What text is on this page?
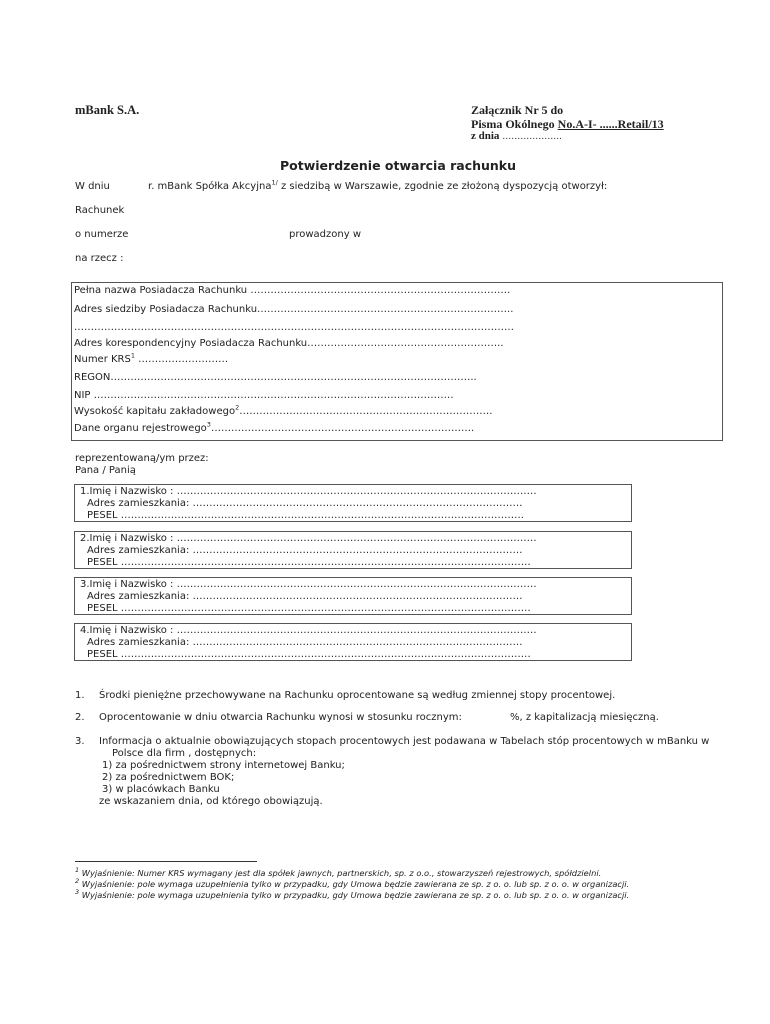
mBank S.A.	Załącznik Nr 5 do
Pisma Okólnego No.A-I- ......Retail/13
z dnia ………………..
Potwierdzenie otwarcia rachunku
W dniu	r. mBank Spółka Akcyjna$^{1/}$ z siedzibą w Warszawie, zgodnie ze złożoną dyspozycją otworzył:
Rachunek
o numerze	prowadzony w
na rzecz :
Pełna nazwa Posiadacza Rachunku ……………………………………………………………………
Adres siedziby Posiadacza Rachunku…………………………………………………………………..
……………………………………………………………………………………………………………………
Adres korespondencyjny Posiadacza Rachunku…………………………………………………..
Numer KRS$^1$ ………………………
REGON………………………………………………………………………………………………..
NIP ………………………………………………………………………………………………
Wysokość kapitału zakładowego$^2$………………………………………………………………….
Dane organu rejestrowego$^3$…………………………………………………………………….
reprezentowaną/ym przez:
Pana / Panią
1.Imię i Nazwisko : ………………………………………………………………………………………………
Adres zamieszkania: ………………………………………………………………………………………
PESEL ………………………………………………………………………………………………………….
2.Imię i Nazwisko : ………………………………………………………………………………………………
Adres zamieszkania: ………………………………………………………………………………………
PESEL ……………………………………………………………………………………………………………
3.Imię i Nazwisko : ………………………………………………………………………………………………
Adres zamieszkania: ………………………………………………………………………………………
PESEL ……………………………………………………………………………………………………………
4.Imię i Nazwisko : ………………………………………………………………………………………………
Adres zamieszkania: ………………………………………………………………………………………
PESEL ……………………………………………………………………………………………………………
1. Środki pieniężne przechowywane na Rachunku oprocentowane są według zmiennej stopy procentowej.
2. Oprocentowanie w dniu otwarcia Rachunku wynosi w stosunku rocznym:	%, z kapitalizacją miesięczną.
3. Informacja o aktualnie obowiązujących stopach procentowych jest podawana w Tabelach stóp procentowych w mBanku w
Polsce dla firm , dostępnych:
1) za pośrednictwem strony internetowej Banku;
2) za pośrednictwem BOK;
3) w placówkach Banku
ze wskazaniem dnia, od którego obowiązują.
$^1$ Wyjaśnienie: Numer KRS wymagany jest dla spółek jawnych, partnerskich, sp. z o.o., stowarzyszeń rejestrowych, spółdzielni.
$^2$ Wyjaśnienie: pole wymaga uzupełnienia tylko w przypadku, gdy Umowa będzie zawierana ze sp. z o. o. lub sp. z o. o. w organizacji.
$^3$ Wyjaśnienie: pole wymaga uzupełnienia tylko w przypadku, gdy Umowa będzie zawierana ze sp. z o. o. lub sp. z o. o. w organizacji.
